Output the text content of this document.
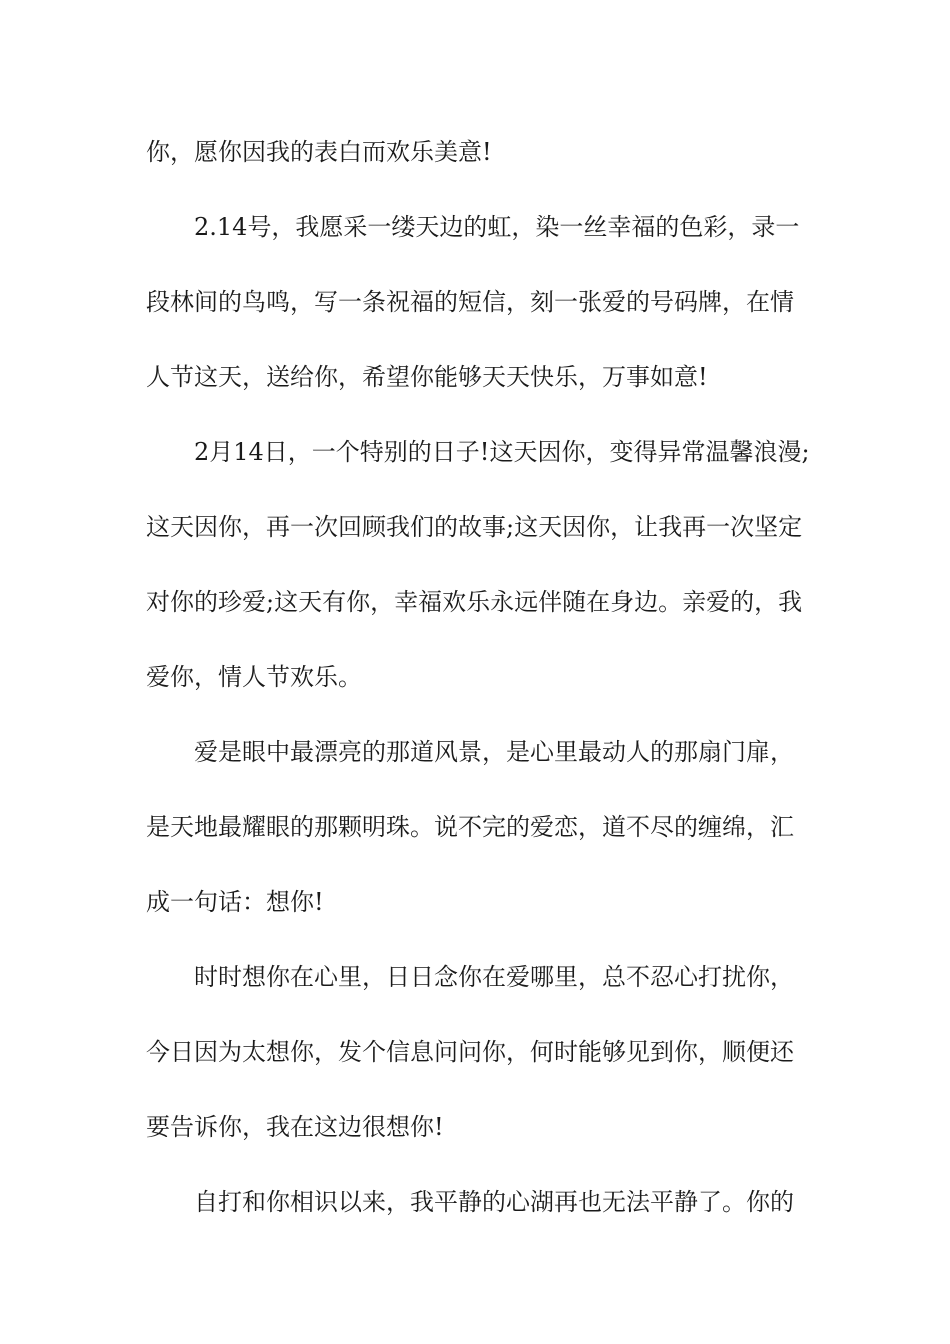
你，愿你因我的表白而欢乐美意!
2.14号，我愿采一缕天边的虹，染一丝幸福的色彩，录一
段林间的鸟鸣，写一条祝福的短信，刻一张爱的号码牌，在情
人节这天，送给你，希望你能够天天快乐，万事如意!
2月14日，一个特别的日子!这天因你，变得异常温馨浪漫;
这天因你，再一次回顾我们的故事;这天因你，让我再一次坚定
对你的珍爱;这天有你，幸福欢乐永远伴随在身边。亲爱的，我
爱你，情人节欢乐。
爱是眼中最漂亮的那道风景，是心里最动人的那扇门扉，
是天地最耀眼的那颗明珠。说不完的爱恋，道不尽的缠绵，汇
成一句话：想你!
时时想你在心里，日日念你在爱哪里，总不忍心打扰你，
今日因为太想你，发个信息问问你，何时能够见到你，顺便还
要告诉你，我在这边很想你!
自打和你相识以来，我平静的心湖再也无法平静了。你的
